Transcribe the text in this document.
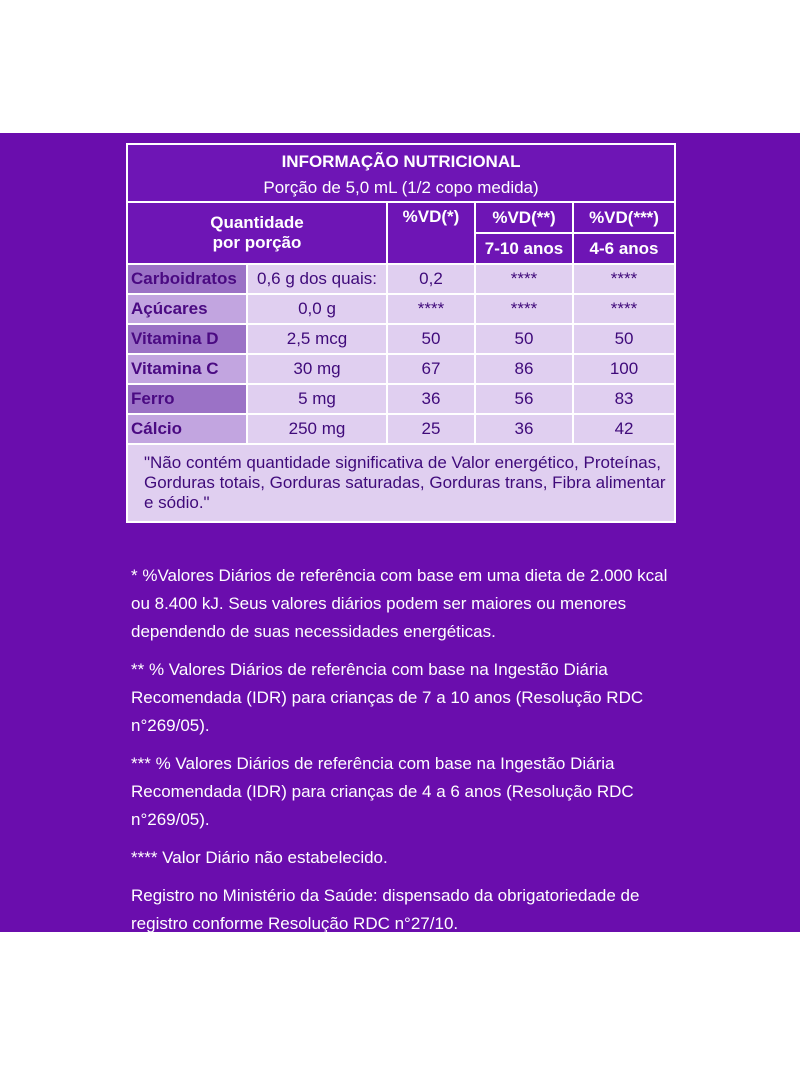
INFORMAÇÃO NUTRICIONAL
Porção de 5,0 mL (1/2 copo medida)				

Quantidade
por porção		%VD(*)	%VD(**)	%VD(***)
			7-10 anos	4-6 anos
Carboidratos	0,6 g dos quais:	0,2	****	****
Açúcares	0,0 g	****	****	****
Vitamina D	2,5 mcg	50	50	50
Vitamina C	30 mg	67	86	100
Ferro	5 mg	36	56	83
Cálcio	250 mg	25	36	42
"Não contém quantidade significativa de Valor energético, Proteínas, Gorduras totais, Gorduras saturadas, Gorduras trans, Fibra alimentar e sódio."				

* %Valores Diários de referência com base em uma dieta de 2.000 kcal ou 8.400 kJ. Seus valores diários podem ser maiores ou menores dependendo de suas necessidades energéticas.

** % Valores Diários de referência com base na Ingestão Diária Recomendada (IDR) para crianças de 7 a 10 anos (Resolução RDC n°269/05).

*** % Valores Diários de referência com base na Ingestão Diária Recomendada (IDR) para crianças de 4 a 6 anos (Resolução RDC n°269/05).

**** Valor Diário não estabelecido.

Registro no Ministério da Saúde: dispensado da obrigatoriedade de registro conforme Resolução RDC n°27/10.
